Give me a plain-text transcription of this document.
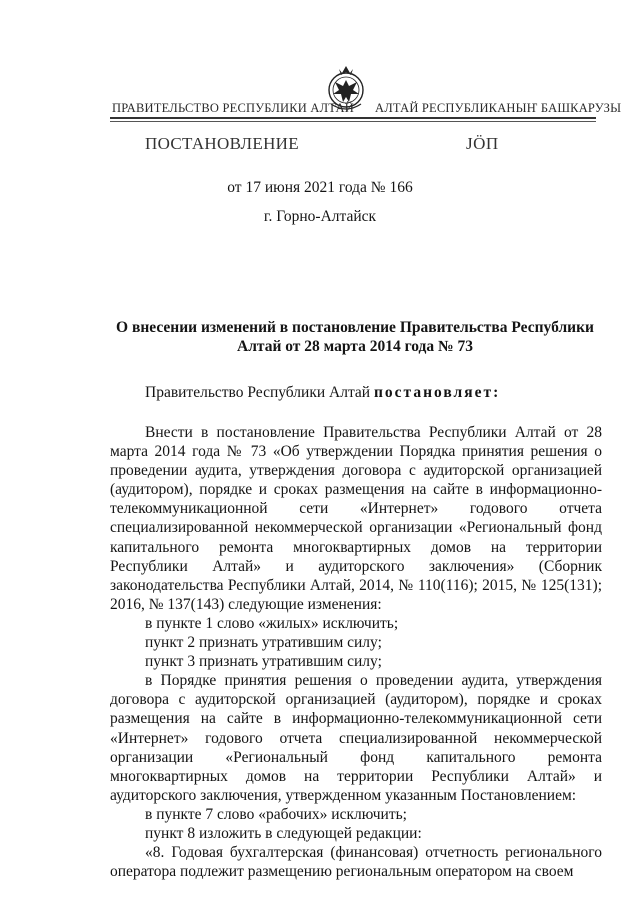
ПРАВИТЕЛЬСТВО РЕСПУБЛИКИ АЛТАЙ АЛТАЙ РЕСПУБЛИКАНЫҤ БАШКАРУЗЫ
ПОСТАНОВЛЕНИЕ	ЈӦП
от 17 июня 2021 года № 166
г. Горно-Алтайск
О внесении изменений в постановление Правительства Республики Алтай от 28 марта 2014 года № 73
Правительство Республики Алтай постановляет:

Внести в постановление Правительства Республики Алтай от 28 марта 2014 года № 73 «Об утверждении Порядка принятия решения о проведении аудита, утверждения договора с аудиторской организацией (аудитором), порядке и сроках размещения на сайте в информационно-телекоммуникационной сети «Интернет» годового отчета специализированной некоммерческой организации «Региональный фонд капитального ремонта многоквартирных домов на территории Республики Алтай» и аудиторского заключения» (Сборник законодательства Республики Алтай, 2014, № 110(116); 2015, № 125(131); 2016, № 137(143) следующие изменения:

в пункте 1 слово «жилых» исключить;

пункт 2 признать утратившим силу;

пункт 3 признать утратившим силу;

в Порядке принятия решения о проведении аудита, утверждения договора с аудиторской организацией (аудитором), порядке и сроках размещения на сайте в информационно-телекоммуникационной сети «Интернет» годового отчета специализированной некоммерческой организации «Региональный фонд капитального ремонта многоквартирных домов на территории Республики Алтай» и аудиторского заключения, утвержденном указанным Постановлением:

в пункте 7 слово «рабочих» исключить;

пункт 8 изложить в следующей редакции:

«8. Годовая бухгалтерская (финансовая) отчетность регионального оператора подлежит размещению региональным оператором на своем
